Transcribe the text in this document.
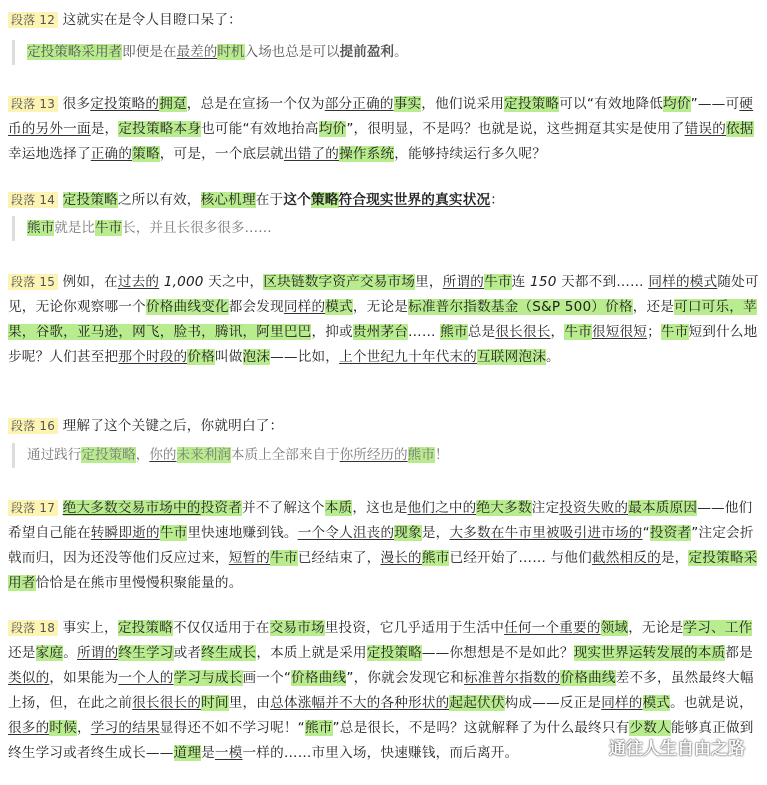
段落 12 这就实在是令人目瞪口呆了：

定投策略采用者即便是在最差的时机入场也总是可以提前盈利。

段落 13 很多定投策略的拥趸，总是在宣扬一个仅为部分正确的事实，他们说采用定投策略可以“有效地降低均价”——可硬币的另外一面是，定投策略本身也可能“有效地抬高均价”，很明显，不是吗？也就是说，这些拥趸其实是使用了错误的依据幸运地选择了正确的策略，可是，一个底层就出错了的操作系统，能够持续运行多久呢？

段落 14 定投策略之所以有效，核心机理在于这个策略符合现实世界的真实状况：

熊市就是比牛市长，并且长很多很多……

段落 15 例如，在过去的 1,000 天之中，区块链数字资产交易市场里，所谓的牛市连 150 天都不到…… 同样的模式随处可见，无论你观察哪一个价格曲线变化都会发现同样的模式，无论是标准普尔指数基金（S&P 500）价格，还是可口可乐，苹果，谷歌，亚马逊，网飞，脸书，腾讯，阿里巴巴，抑或贵州茅台…… 熊市总是很长很长，牛市很短很短；牛市短到什么地步呢？人们甚至把那个时段的价格叫做泡沫——比如，上个世纪九十年代末的互联网泡沫。

段落 16 理解了这个关键之后，你就明白了：

通过践行定投策略，你的未来利润本质上全部来自于你所经历的熊市！

段落 17 绝大多数交易市场中的投资者并不了解这个本质，这也是他们之中的绝大多数注定投资失败的最本质原因——他们希望自己能在转瞬即逝的牛市里快速地赚到钱。一个令人沮丧的现象是，大多数在牛市里被吸引进市场的“投资者”注定会折戟而归，因为还没等他们反应过来，短暂的牛市已经结束了，漫长的熊市已经开始了…… 与他们截然相反的是，定投策略采用者恰恰是在熊市里慢慢积聚能量的。

段落 18 事实上，定投策略不仅仅适用于在交易市场里投资，它几乎适用于生活中任何一个重要的领域，无论是学习、工作还是家庭。所谓的终生学习或者终生成长，本质上就是采用定投策略——你想想是不是如此？现实世界运转发展的本质都是类似的，如果能为一个人的学习与成长画一个“价格曲线”，你就会发现它和标准普尔指数的价格曲线差不多，虽然最终大幅上扬，但，在此之前很长很长的时间里，由总体涨幅并不大的各种形状的起起伏伏构成——反正是同样的模式。也就是说，很多的时候，学习的结果显得还不如不学习呢！“熊市”总是很长，不是吗？这就解释了为什么最终只有少数人能够真正做到终生学习或者终生成长——道理是一模一样的……市里入场，快速赚钱，而后离开。	通往人生自由之路
